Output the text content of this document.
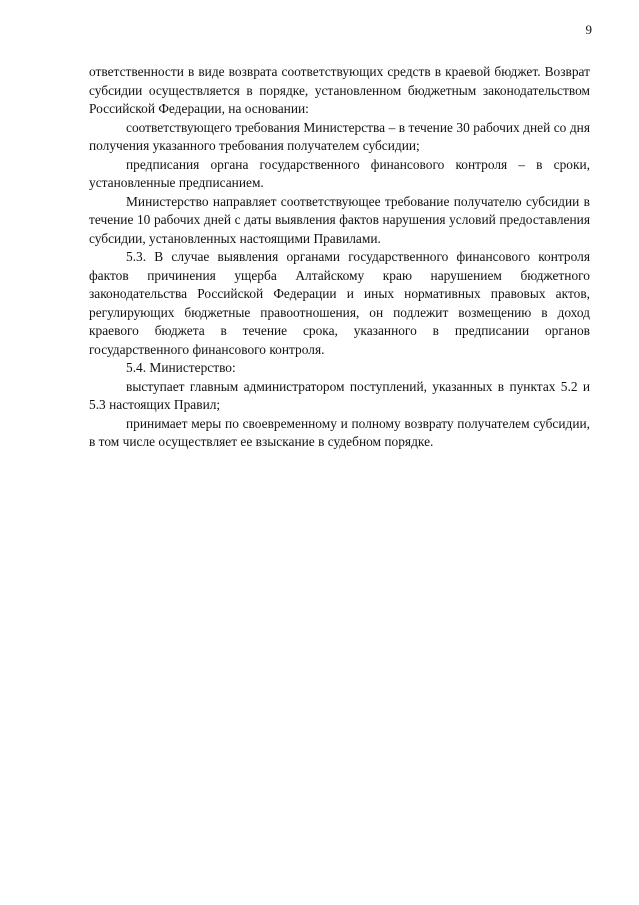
9

ответственности в виде возврата соответствующих средств в краевой бюджет. Возврат субсидии осуществляется в порядке, установленном бюджетным законодательством Российской Федерации, на основании:

соответствующего требования Министерства – в течение 30 рабочих дней со дня получения указанного требования получателем субсидии;

предписания органа государственного финансового контроля – в сроки, установленные предписанием.

Министерство направляет соответствующее требование получателю субсидии в течение 10 рабочих дней с даты выявления фактов нарушения условий предоставления субсидии, установленных настоящими Правилами.

5.3. В случае выявления органами государственного финансового контроля фактов причинения ущерба Алтайскому краю нарушением бюджетного законодательства Российской Федерации и иных нормативных правовых актов, регулирующих бюджетные правоотношения, он подлежит возмещению в доход краевого бюджета в течение срока, указанного в предписании органов государственного финансового контроля.

5.4. Министерство:

выступает главным администратором поступлений, указанных в пунктах 5.2 и 5.3 настоящих Правил;

принимает меры по своевременному и полному возврату получателем субсидии, в том числе осуществляет ее взыскание в судебном порядке.
